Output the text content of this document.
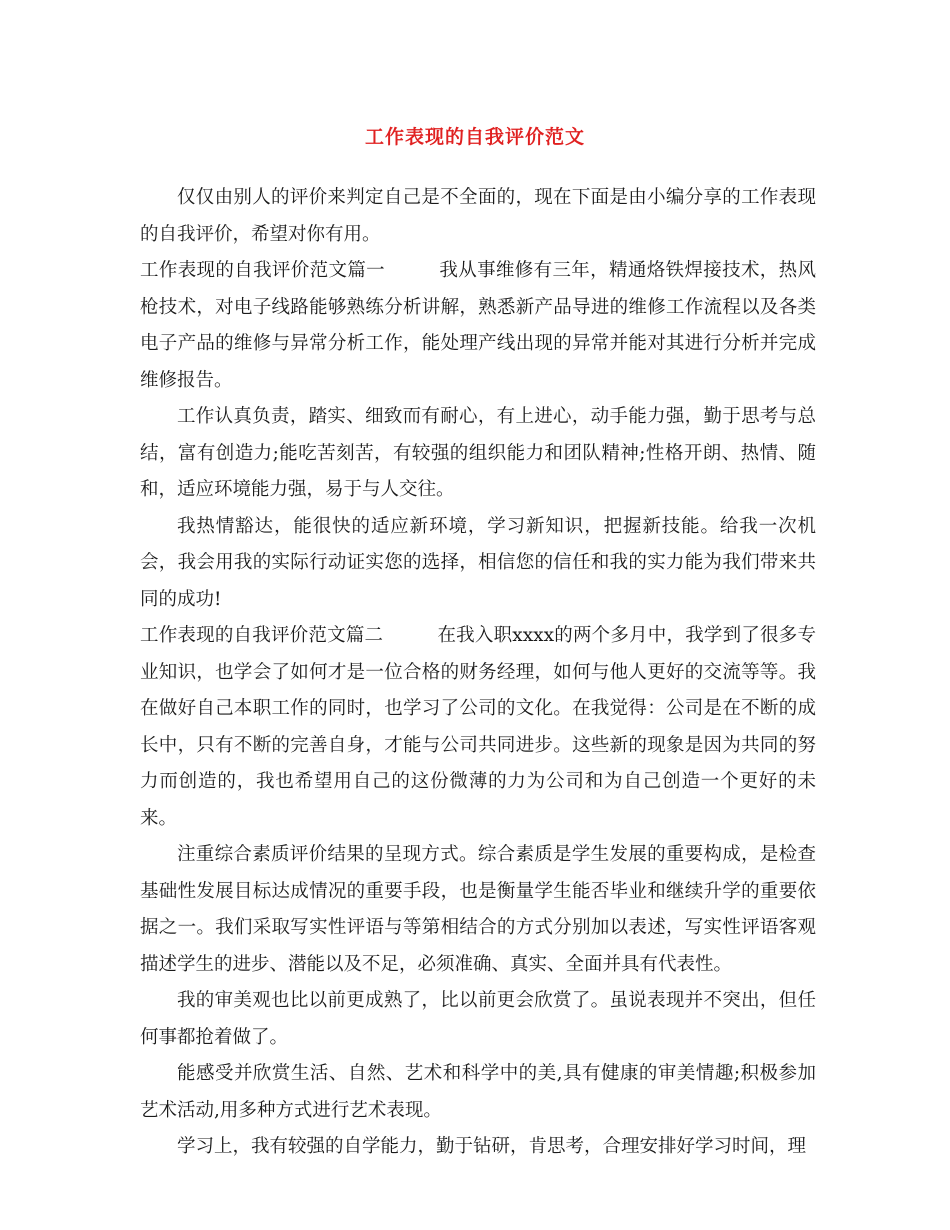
工作表现的自我评价范文

仅仅由别人的评价来判定自己是不全面的，现在下面是由小编分享的工作表现的自我评价，希望对你有用。

工作表现的自我评价范文篇一	我从事维修有三年，精通烙铁焊接技术，热风枪技术，对电子线路能够熟练分析讲解，熟悉新产品导进的维修工作流程以及各类电子产品的维修与异常分析工作，能处理产线出现的异常并能对其进行分析并完成维修报告。

工作认真负责，踏实、细致而有耐心，有上进心，动手能力强，勤于思考与总结，富有创造力;能吃苦刻苦，有较强的组织能力和团队精神;性格开朗、热情、随和，适应环境能力强，易于与人交往。

我热情豁达，能很快的适应新环境，学习新知识，把握新技能。给我一次机会，我会用我的实际行动证实您的选择，相信您的信任和我的实力能为我们带来共同的成功!

工作表现的自我评价范文篇二	在我入职xxxx的两个多月中，我学到了很多专业知识，也学会了如何才是一位合格的财务经理，如何与他人更好的交流等等。我在做好自己本职工作的同时，也学习了公司的文化。在我觉得：公司是在不断的成长中，只有不断的完善自身，才能与公司共同进步。这些新的现象是因为共同的努力而创造的，我也希望用自己的这份微薄的力为公司和为自己创造一个更好的未来。

注重综合素质评价结果的呈现方式。综合素质是学生发展的重要构成，是检查基础性发展目标达成情况的重要手段，也是衡量学生能否毕业和继续升学的重要依据之一。我们采取写实性评语与等第相结合的方式分别加以表述，写实性评语客观描述学生的进步、潜能以及不足，必须准确、真实、全面并具有代表性。

我的审美观也比以前更成熟了，比以前更会欣赏了。虽说表现并不突出，但任何事都抢着做了。

能感受并欣赏生活、自然、艺术和科学中的美,具有健康的审美情趣;积极参加艺术活动,用多种方式进行艺术表现。

学习上，我有较强的自学能力，勤于钻研，肯思考，合理安排好学习时间，理
